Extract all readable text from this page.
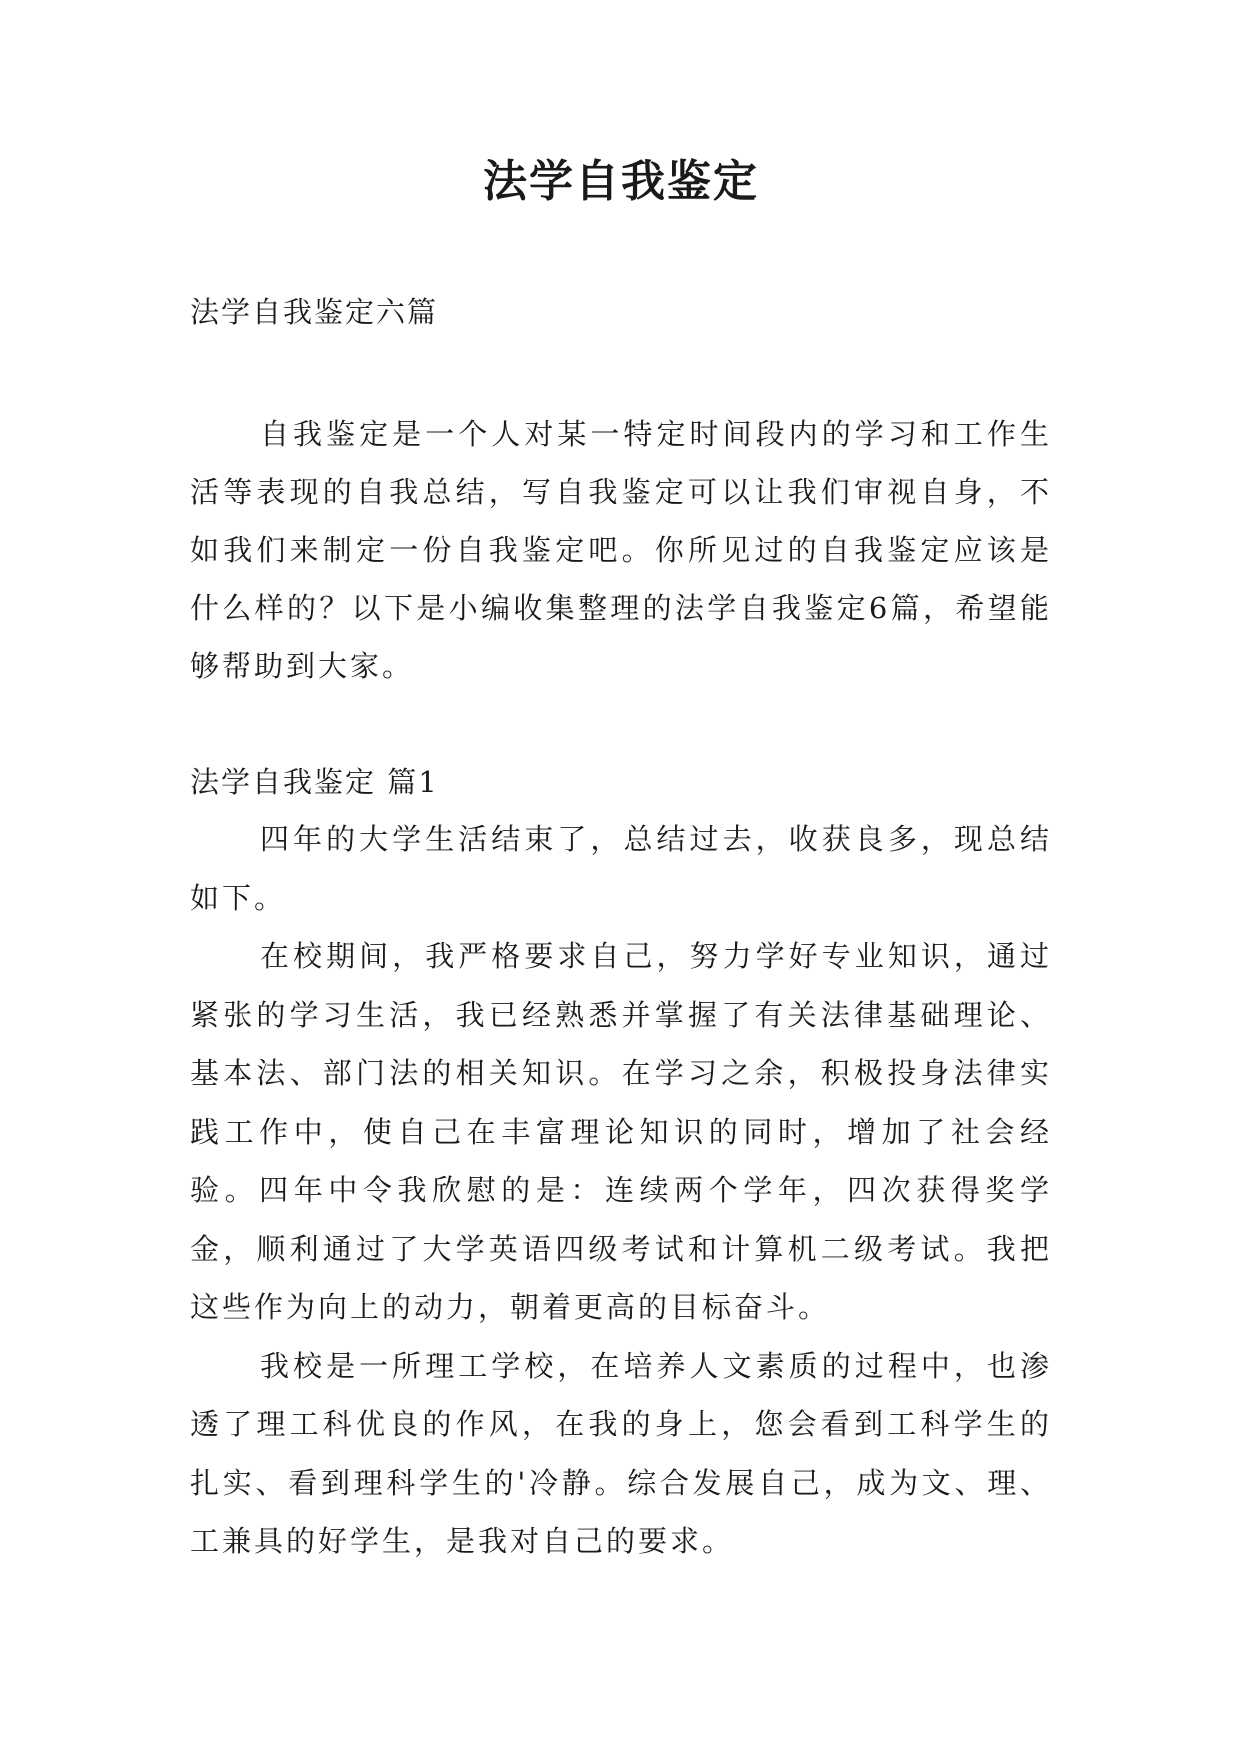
法学自我鉴定

法学自我鉴定六篇

自我鉴定是一个人对某一特定时间段内的学习和工作生活等表现的自我总结，写自我鉴定可以让我们审视自身，不如我们来制定一份自我鉴定吧。你所见过的自我鉴定应该是什么样的？以下是小编收集整理的法学自我鉴定6篇，希望能够帮助到大家。

法学自我鉴定 篇1

四年的大学生活结束了，总结过去，收获良多，现总结如下。

在校期间，我严格要求自己，努力学好专业知识，通过紧张的学习生活，我已经熟悉并掌握了有关法律基础理论、基本法、部门法的相关知识。在学习之余，积极投身法律实践工作中，使自己在丰富理论知识的同时，增加了社会经验。四年中令我欣慰的是：连续两个学年，四次获得奖学金，顺利通过了大学英语四级考试和计算机二级考试。我把这些作为向上的动力，朝着更高的目标奋斗。

我校是一所理工学校，在培养人文素质的过程中，也渗透了理工科优良的作风，在我的身上，您会看到工科学生的扎实、看到理科学生的'冷静。综合发展自己，成为文、理、工兼具的好学生，是我对自己的要求。
